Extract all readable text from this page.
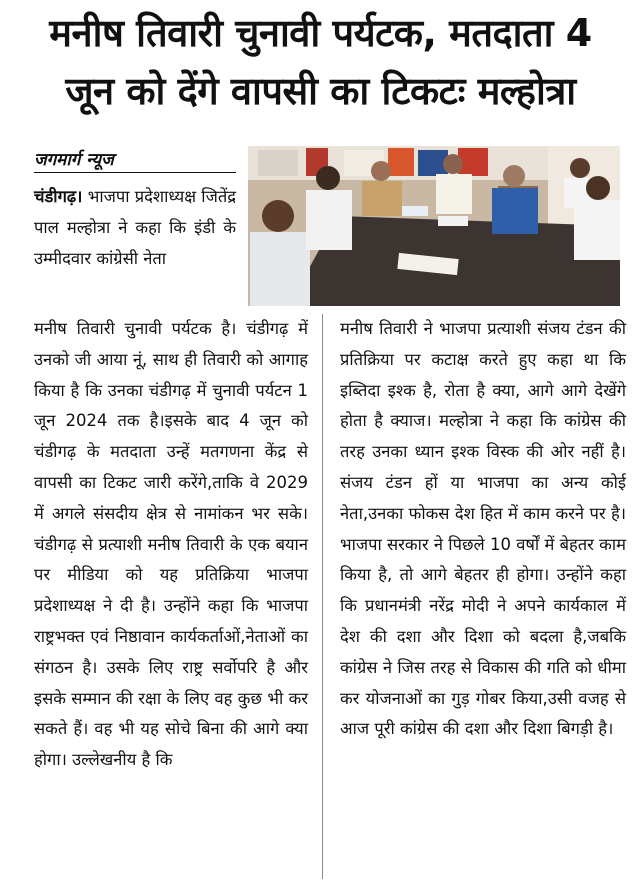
मनीष तिवारी चुनावी पर्यटक, मतदाता 4
जून को देंगे वापसी का टिकटः मल्होत्रा
जगमार्ग न्यूज
चंडीगढ़। भाजपा प्रदेशाध्यक्ष जितेंद्र पाल मल्होत्रा ने कहा कि इंडी के उम्मीदवार कांग्रेसी नेता
मनीष तिवारी चुनावी पर्यटक है। चंडीगढ़ में उनको जी आया नूं, साथ ही तिवारी को आगाह किया है कि उनका चंडीगढ़ में चुनावी पर्यटन 1 जून 2024 तक है।इसके बाद 4 जून को चंडीगढ़ के मतदाता उन्हें मतगणना केंद्र से वापसी का टिकट जारी करेंगे,ताकि वे 2029 में अगले संसदीय क्षेत्र से नामांकन भर सके। चंडीगढ़ से प्रत्याशी मनीष तिवारी के एक बयान पर मीडिया को यह प्रतिक्रिया भाजपा प्रदेशाध्यक्ष ने दी है। उन्होंने कहा कि भाजपा राष्ट्रभक्त एवं निष्ठावान कार्यकर्ताओं,नेताओं का संगठन है। उसके लिए राष्ट्र सर्वोपरि है और इसके सम्मान की रक्षा के लिए वह कुछ भी कर सकते हैं। वह भी यह सोचे बिना की आगे क्या होगा। उल्लेखनीय है कि
मनीष तिवारी ने भाजपा प्रत्याशी संजय टंडन की प्रतिक्रिया पर कटाक्ष करते हुए कहा था कि इब्तिदा इश्क है, रोता है क्या, आगे आगे देखेंगे होता है क्याज। मल्होत्रा ने कहा कि कांग्रेस की तरह उनका ध्यान इश्क विस्क की ओर नहीं है। संजय टंडन हों या भाजपा का अन्य कोई नेता,उनका फोकस देश हित में काम करने पर है। भाजपा सरकार ने पिछले 10 वर्षों में बेहतर काम किया है, तो आगे बेहतर ही होगा। उन्होंने कहा कि प्रधानमंत्री नरेंद्र मोदी ने अपने कार्यकाल में देश की दशा और दिशा को बदला है,जबकि कांग्रेस ने जिस तरह से विकास की गति को धीमा कर योजनाओं का गुड़ गोबर किया,उसी वजह से आज पूरी कांग्रेस की दशा और दिशा बिगड़ी है।
